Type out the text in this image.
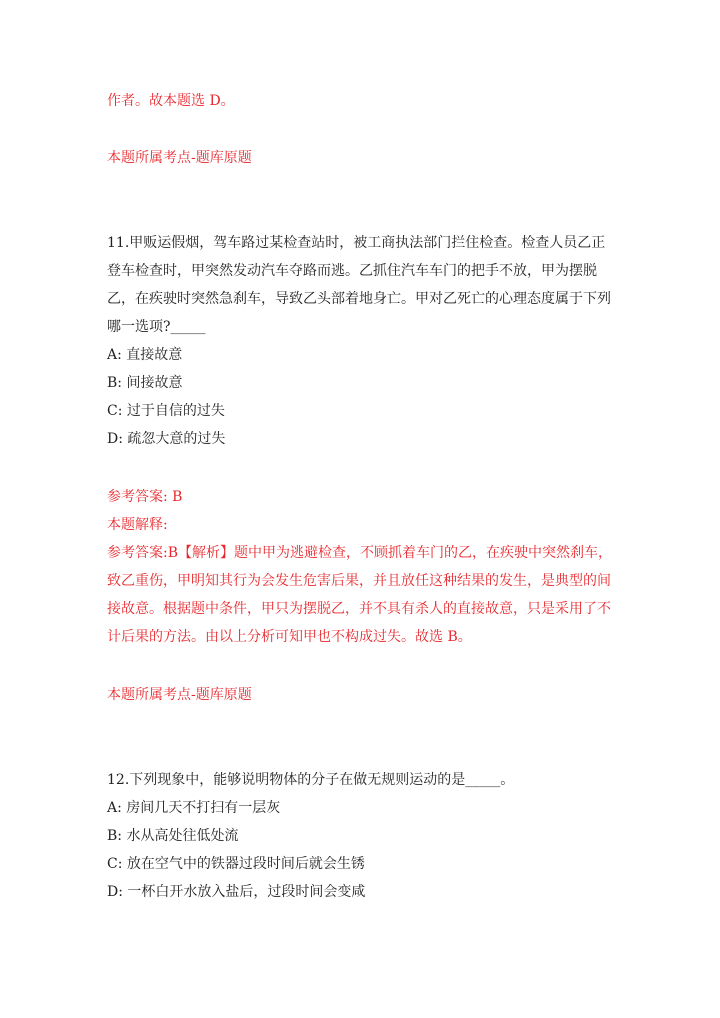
作者。故本题选 D。
本题所属考点-题库原题
11.甲贩运假烟，驾车路过某检查站时，被工商执法部门拦住检查。检查人员乙正登车检查时，甲突然发动汽车夺路而逃。乙抓住汽车车门的把手不放，甲为摆脱乙，在疾驶时突然急刹车，导致乙头部着地身亡。甲对乙死亡的心理态度属于下列哪一选项?_____
A: 直接故意
B: 间接故意
C: 过于自信的过失
D: 疏忽大意的过失
参考答案: B
本题解释:
参考答案:B【解析】题中甲为逃避检查，不顾抓着车门的乙，在疾驶中突然刹车，致乙重伤，甲明知其行为会发生危害后果，并且放任这种结果的发生，是典型的间接故意。根据题中条件，甲只为摆脱乙，并不具有杀人的直接故意，只是采用了不计后果的方法。由以上分析可知甲也不构成过失。故选 B。
本题所属考点-题库原题
12.下列现象中，能够说明物体的分子在做无规则运动的是_____。
A: 房间几天不打扫有一层灰
B: 水从高处往低处流
C: 放在空气中的铁器过段时间后就会生锈
D: 一杯白开水放入盐后，过段时间会变咸
